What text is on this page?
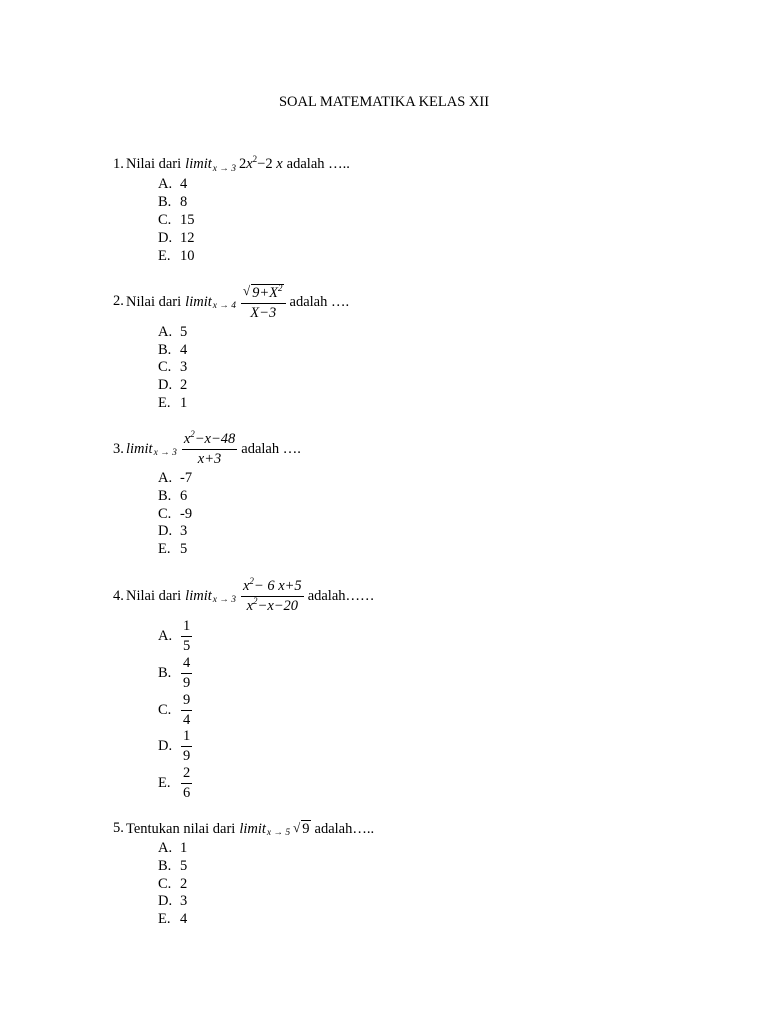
SOAL MATEMATIKA KELAS XII
1. Nilai dari limit x → 3 $2x^2-2$ x adalah …..
A. 4
B. 8
C. 15
D. 12
E. 10
2. Nilai dari limit $x \to 4 \frac{√ 9+X^2}{X-3}$ adalah ….
A. 5
B. 4
C. 3
D. 2
E. 1
3. limit $x \to 3 \frac{x^2-x-48}{x+3}$ adalah ….
A. -7
B. 6
C. -9
D. 3
E. 5
4. Nilai dari limit $x \to 3 \frac{x^2- 6 x+5}{x^2-x-20}$ adalah……
A. $\frac{1}{5}$
B. $\frac{4}{9}$
C. $\frac{9}{4}$
D. $\frac{1}{9}$
E. $\frac{2}{6}$
5. Tentukan nilai dari limit x → 5 √ 9 adalah…..
A. 1
B. 5
C. 2
D. 3
E. 4
